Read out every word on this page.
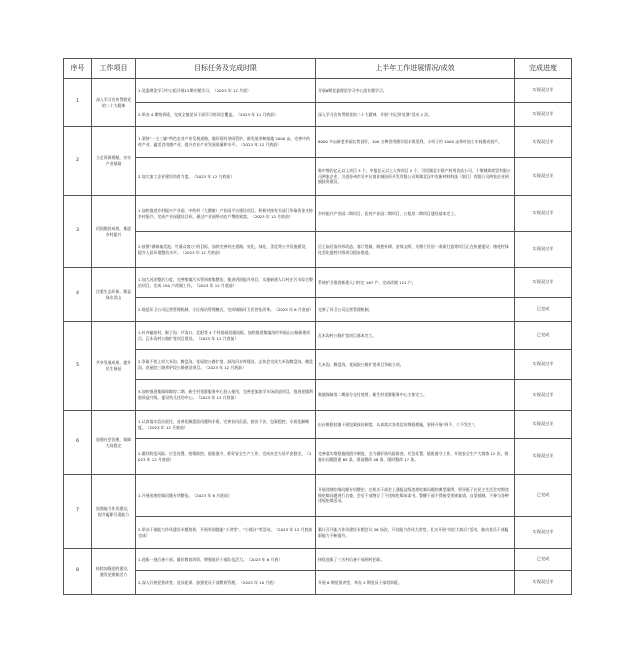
序号	工作项目	目标任务及完成时限	上半年工作进展情况/成效	完成进度
1	深入学习宣传贯彻党的二十大精神	1.党委理论学习中心组开展12期专题学习。（2023 年 12 月底）	开展6期党委理论学习中心组专题学习。	实现双过半
		2.举办 4 期培训班，完成全镇党员干部学习培训全覆盖。（2023 年 11 月底前）	深入学习宣传贯彻党的二十大精神，开展“书记讲党课”活动 2 次。	实现双过半
2	立足资源禀赋，夯实产业基础	1.坚持“一主三辅”特色农业产业发展道路，做好现有茶园管护，新发展茶树基地 2000 亩，完善中药材产业、鑫活食用菌产业，提升农业产业发展质量和水平。（2023 年 12 月底前）	6000 多亩新老茶园长势良好，100 万棒食用菌实现丰收见利，小项子村 1000 亩茶叶加工车间建成投产。	实现双过半
		2.加大加工企业建设培育力度。（2023 年 12 月底前）	集中签约亿元以上项目 3 个，中报亿元以上入库项目 2 个，引回湖北丰银产药用食品公司、十堰城郊商贸有限公司两家企业，引进苏州市吴中区商业城投资开发有限公司和湖北汉中农新材料科技（浙江）有限公司两家企业到镇投资建设。	实现双过半
3	巩固脱贫成效，推进乡村振兴	1.加快推进乡村振兴产业园、中药材（大健康）产业园平台建设项目，积极对接有关部门争取资金支持乡村振兴，完成产业园建设目标，通过产业园带动农户增收致富。（2023 年 12 月底前）	乡村振兴产业园二期项目、医药产业园二期项目、公租房二期项目建设基本完工。	实现双过半
		2.按照“湖泰秦美池、竹溪众客万”的目标，加快完善村庄道路、亮化、绿化、美化等公共设施建设，提升人居环境整治水平。（2023 年 12 月底前）	岳王庙后落外形改造、客厅宽敞、路巷补缀、安保文明、关塘于民俗一条街打造等项目正在快速建设；塘花村绿化美化提档升级项目稳步推进。	实现双过半
4	注重生态环保，都显绿水青山	1.加大河涂整治力度，完善集镇污水管网收集整治，推进巩固提升项目，实施新建人口村庄污水综合整治项目，完成 150 户改厕工作。（2023 年 12 月底前）	系统护卫推进新建人口村庄 167 户，完成改厕 121 户。	实现双过半
		2.规范环卫公司运营管理机制，小区保洁管理模式，完成城镇环卫民营化改革。（2023 年 6 月底前）	完善了环卫公司运营管理机制。	已完成
5	共享发展成果，提升民生福祉	1.补齐偏家村、猴子沟、芦沟口、北阳等 4 个村基础设施短板，加快推进集镇沟村幸福山公路新建项目、瓦木沟村公路扩宽项目建设。（2023 年 12 月底前）	瓦木沟村公路扩宽项目基本完工。	已完成
		2.争取不快上项大米沟、腾盘沟、花屋院公路扩宽、洞沟河水库建设，志执会完成大米沟腾盘沟、腾盘沟、花屋院三路养护段公路建设项目。（2023 年 12 月底前）	大米沟、腾盘沟、花屋院公路扩宽项目争取立项。	实现双过半
		3.加快推进集镇保障房二期、新生村党群服务中心投入使用，完善老加油学车场改造项目，推进老镇利院改造升级，建设幼儿托幼中心。（2023 年 12 月底前）	集镇保障房二期部分交付使用，新生村党群服务中心主体完工。	实现双过半
6	加强社会治理，保障大局稳定	1.认真落实信访责任，妥善化解遗留问题和矛盾，完善首问负责、接访下访、包案稳控、专班化解制度。（2023 年 12 月底前）	出台维稳挂镇干部包案接访制度，认真落实各类信访维稳措施，坚持开展“四不、六不发生”。	实现双过半
		2.做好防范风险、应急处置、疫情防控、值班值守，抓好安全生产工作，完成社会大局平安稳定。（2023 年 12 月底前）	完善落实维稳值班值守制度，全力做好防风险排查、应急处置、值班值守工作，开展安全生产大排查 12 次，排查出问题隐患 65 条，现场整改 48 条，限时整改 17 条。	实现双过半
7	加强能力作风建设，提升履职尽责能力	1.开展违规吃喝问题专项整治。（2023 年 6 月底前）	开展违规吃喝问题专项整治，在机关干部会上通报县级违规吃喝问题的典型案例，领导班子在民主生活会对照违规吃喝问题进行自查，会后干部签订了不违规吃喝承诺书。警醒干部不得接受违规宴请、自觉抵制，不参与各种违规吃喝活动。	已完成
		2.举办干部能力作风建设专题培训，开展争创提能“小讲堂”、“小擂台”等活动。（2023 年 12 月底前完成）	累计召开能力作风建设专题会议 26 场次，开设能力作风大讲堂，扎实开展“岗位大练兵”活动，抽动党员干部履职能力不断提升。	实现双过半
8	持续加强党的建设，激发党建新活力	1.选拔一批后备干部，做好教育培训，增强基层干部队伍活力。（2023 年 6 月底）	择优选拔了三名村后备干部到村任职。	已完成
		2.深入开展党务讲堂、党员轮训、加强党员干部教育管理。（2023 年 10 月底）	开展 6 期党务讲堂，举办 2 期党员干部培训班。	实现双过半
